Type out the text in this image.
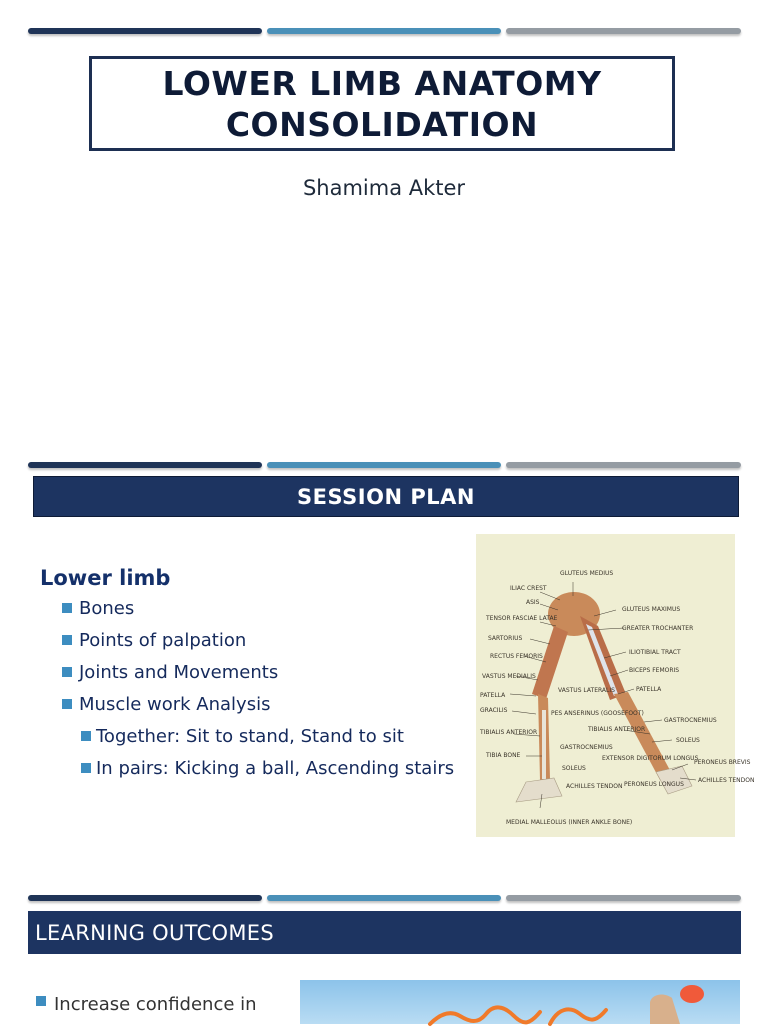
LOWER LIMB ANATOMY CONSOLIDATION
Shamima Akter
SESSION PLAN
Lower limb
Bones
Points of palpation
Joints and Movements
Muscle work Analysis
Together: Sit to stand, Stand to sit
In pairs: Kicking a ball, Ascending stairs
GLUTEUS MEDIUS
ILIAC CREST
ASIS
TENSOR FASCIAE LATAE
SARTORIUS
RECTUS FEMORIS
VASTUS MEDIALIS
PATELLA
GRACILIS
TIBIALIS ANTERIOR
TIBIA BONE
GLUTEUS MAXIMUS
GREATER TROCHANTER
ILIOTIBIAL TRACT
BICEPS FEMORIS
PATELLA
VASTUS LATERALIS
PES ANSERINUS (GOOSEFOOT)
TIBIALIS ANTERIOR
GASTROCNEMIUS
GASTROCNEMIUS
SOLEUS
SOLEUS
EXTENSOR DIGITORUM LONGUS
ACHILLES TENDON PERONEUS LONGUS
PERONEUS BREVIS
ACHILLES TENDON
MEDIAL MALLEOLUS (INNER ANKLE BONE)
LEARNING OUTCOMES
Increase confidence in
